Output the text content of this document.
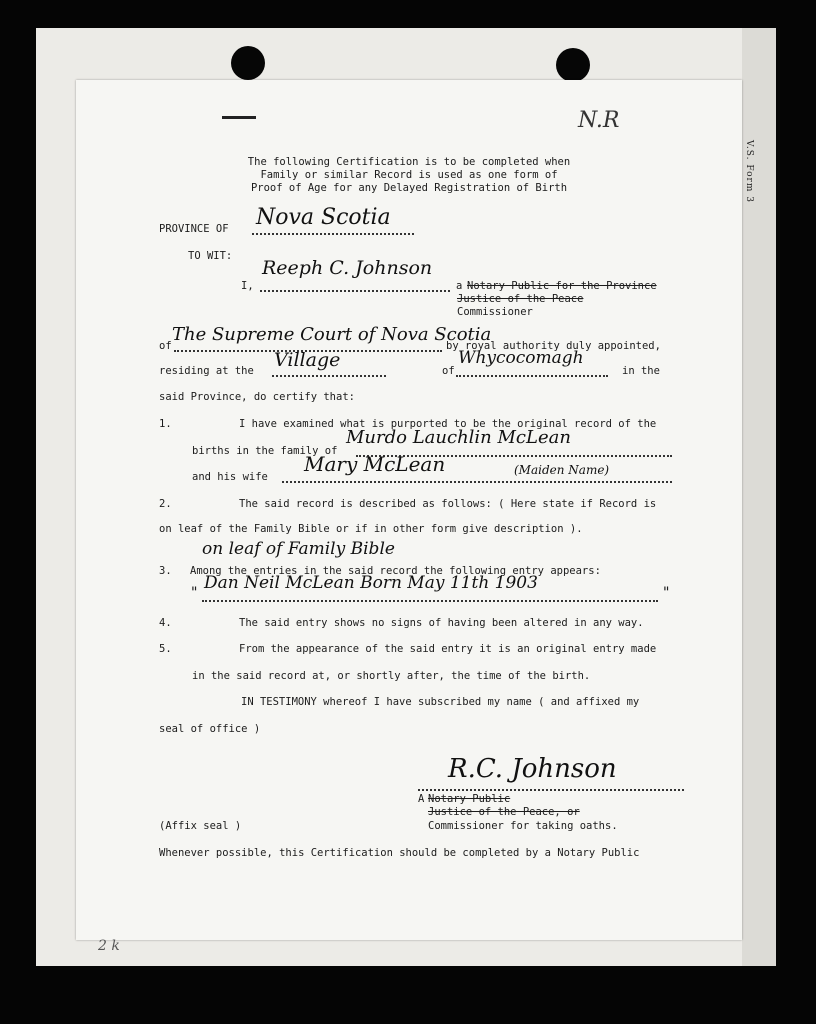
V.S. Form 3
N.R
The following Certification is to be completed when
Family or similar Record is used as one form of
Proof of Age for any Delayed Registration of Birth
PROVINCE OF Nova Scotia
TO WIT:
I,
Reeph C. Johnson
a Notary Public for the Province
Justice of the Peace
Commissioner
of
The Supreme Court of Nova Scotia
by royal authority duly appointed,
residing at the Village	of
Whycocomagh
in the
said Province, do certify that:
1.	I have examined what is purported to be the original record of the
births in the family of
Murdo Lauchlin McLean
and his wife
Mary McLean	(Maiden Name)
2.	The said record is described as follows: ( Here state if Record is
on leaf of the Family Bible or if in other form give description ).
on leaf of Family Bible
3. Among the entries in the said record the following entry appears:
" Dan Neil McLean Born May 11th 1903	"
4.	The said entry shows no signs of having been altered in any way.
5.	From the appearance of the said entry it is an original entry made
in the said record at, or shortly after, the time of the birth.
IN TESTIMONY whereof I have subscribed my name ( and affixed my
seal of office )
R.C. Johnson
A Notary Public
Justice of the Peace, or
Commissioner for taking oaths.
(Affix seal )
Whenever possible, this Certification should be completed by a Notary Public
2 k
